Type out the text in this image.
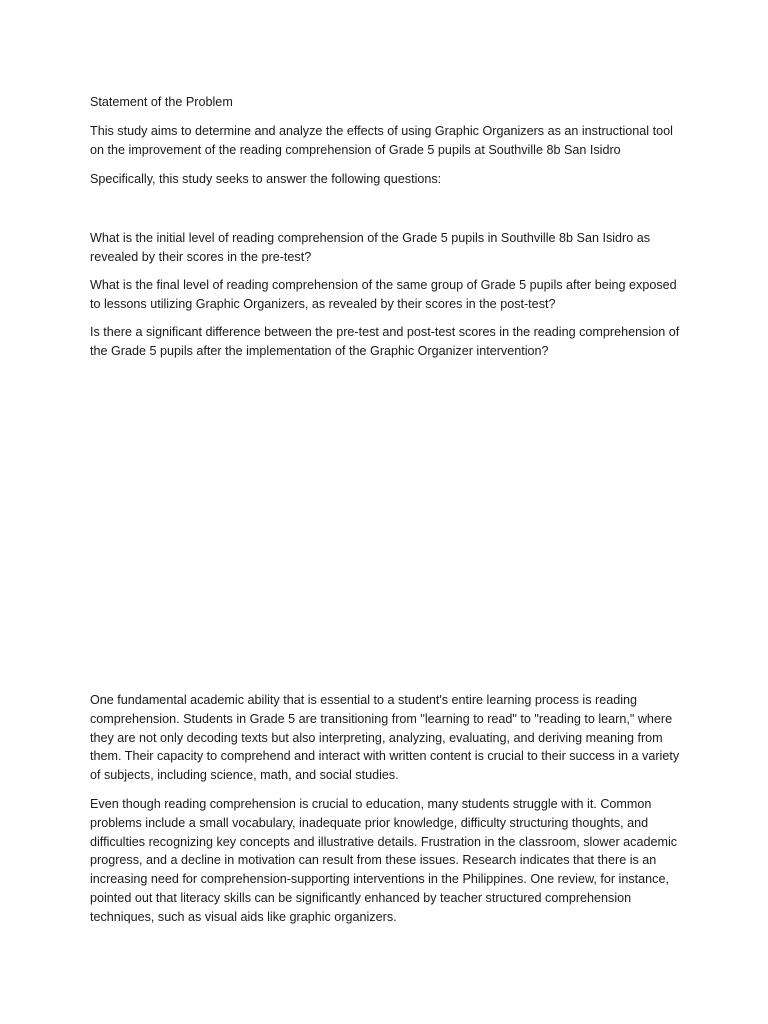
Statement of the Problem

This study aims to determine and analyze the effects of using Graphic Organizers as an instructional tool on the improvement of the reading comprehension of Grade 5 pupils at Southville 8b San Isidro

Specifically, this study seeks to answer the following questions:

What is the initial level of reading comprehension of the Grade 5 pupils in Southville 8b San Isidro as revealed by their scores in the pre-test?

What is the final level of reading comprehension of the same group of Grade 5 pupils after being exposed to lessons utilizing Graphic Organizers, as revealed by their scores in the post-test?

Is there a significant difference between the pre-test and post-test scores in the reading comprehension of the Grade 5 pupils after the implementation of the Graphic Organizer intervention?

One fundamental academic ability that is essential to a student's entire learning process is reading comprehension. Students in Grade 5 are transitioning from "learning to read" to "reading to learn," where they are not only decoding texts but also interpreting, analyzing, evaluating, and deriving meaning from them. Their capacity to comprehend and interact with written content is crucial to their success in a variety of subjects, including science, math, and social studies.

Even though reading comprehension is crucial to education, many students struggle with it. Common problems include a small vocabulary, inadequate prior knowledge, difficulty structuring thoughts, and difficulties recognizing key concepts and illustrative details. Frustration in the classroom, slower academic progress, and a decline in motivation can result from these issues. Research indicates that there is an increasing need for comprehension-supporting interventions in the Philippines. One review, for instance, pointed out that literacy skills can be significantly enhanced by teacher structured comprehension techniques, such as visual aids like graphic organizers.
